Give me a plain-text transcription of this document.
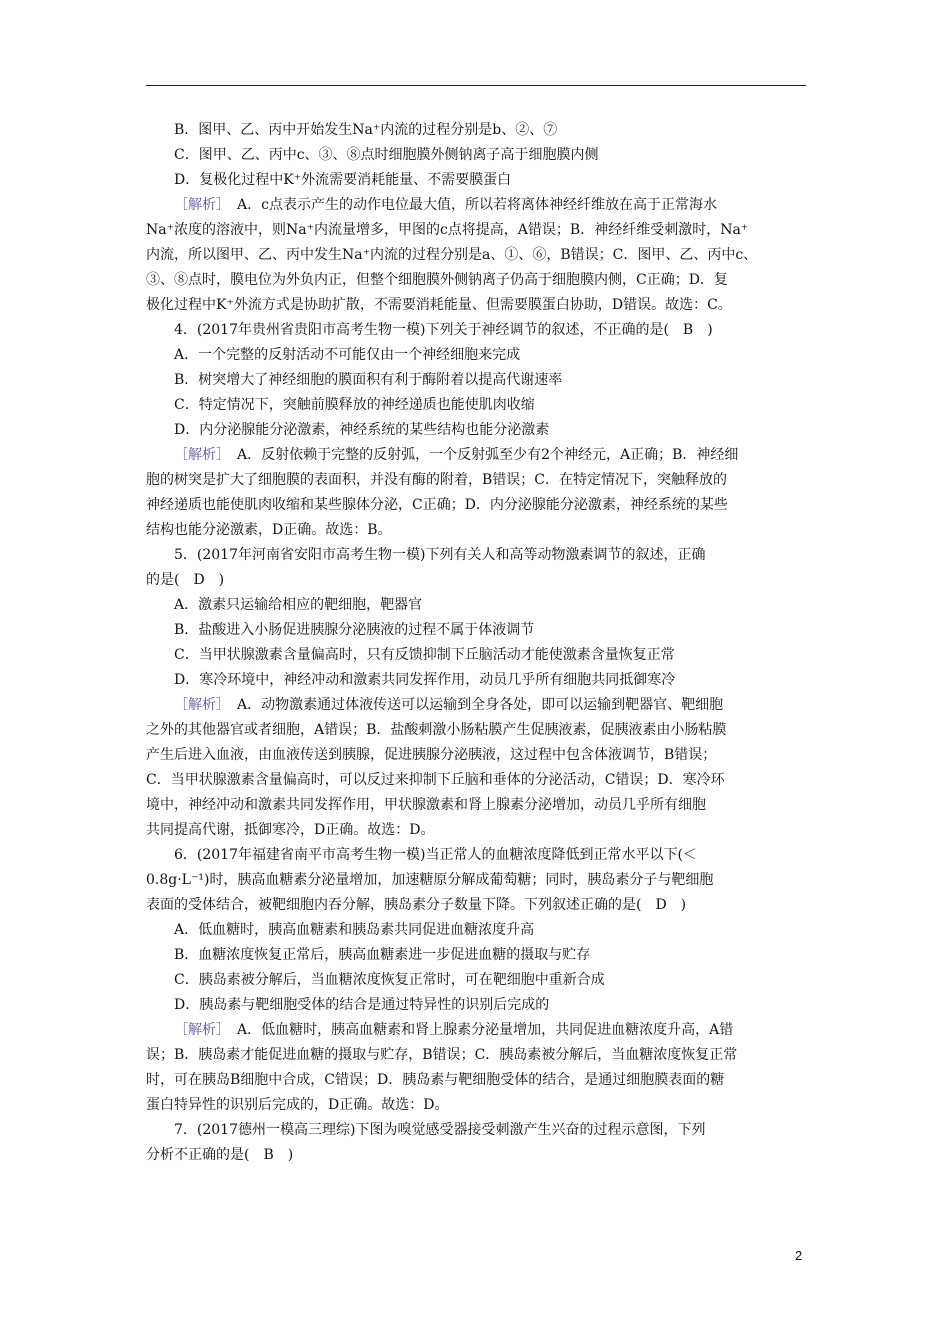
B．图甲、乙、丙中开始发生Na⁺内流的过程分别是b、②、⑦
C．图甲、乙、丙中c、③、⑧点时细胞膜外侧钠离子高于细胞膜内侧
D．复极化过程中K⁺外流需要消耗能量、不需要膜蛋白
［解析］　A．c点表示产生的动作电位最大值，所以若将离体神经纤维放在高于正常海水
Na⁺浓度的溶液中，则Na⁺内流量增多，甲图的c点将提高，A错误；B．神经纤维受刺激时，Na⁺
内流，所以图甲、乙、丙中发生Na⁺内流的过程分别是a、①、⑥，B错误；C．图甲、乙、丙中c、
③、⑧点时，膜电位为外负内正，但整个细胞膜外侧钠离子仍高于细胞膜内侧，C正确；D．复
极化过程中K⁺外流方式是协助扩散，不需要消耗能量、但需要膜蛋白协助，D错误。故选：C。
4．(2017年贵州省贵阳市高考生物一模)下列关于神经调节的叙述，不正确的是(　B　)
A．一个完整的反射活动不可能仅由一个神经细胞来完成
B．树突增大了神经细胞的膜面积有利于酶附着以提高代谢速率
C．特定情况下，突触前膜释放的神经递质也能使肌肉收缩
D．内分泌腺能分泌激素，神经系统的某些结构也能分泌激素
［解析］　A．反射依赖于完整的反射弧，一个反射弧至少有2个神经元，A正确；B．神经细
胞的树突是扩大了细胞膜的表面积，并没有酶的附着，B错误；C．在特定情况下，突触释放的
神经递质也能使肌肉收缩和某些腺体分泌，C正确；D．内分泌腺能分泌激素，神经系统的某些
结构也能分泌激素，D正确。故选：B。
5．(2017年河南省安阳市高考生物一模)下列有关人和高等动物激素调节的叙述，正确
的是(　D　)
A．激素只运输给相应的靶细胞，靶器官
B．盐酸进入小肠促进胰腺分泌胰液的过程不属于体液调节
C．当甲状腺激素含量偏高时，只有反馈抑制下丘脑活动才能使激素含量恢复正常
D．寒冷环境中，神经冲动和激素共同发挥作用，动员几乎所有细胞共同抵御寒冷
［解析］　A．动物激素通过体液传送可以运输到全身各处，即可以运输到靶器官、靶细胞
之外的其他器官或者细胞，A错误；B．盐酸刺激小肠粘膜产生促胰液素，促胰液素由小肠粘膜
产生后进入血液，由血液传送到胰腺，促进胰腺分泌胰液，这过程中包含体液调节，B错误；
C．当甲状腺激素含量偏高时，可以反过来抑制下丘脑和垂体的分泌活动，C错误；D．寒冷环
境中，神经冲动和激素共同发挥作用，甲状腺激素和肾上腺素分泌增加，动员几乎所有细胞
共同提高代谢，抵御寒冷，D正确。故选：D。
6．(2017年福建省南平市高考生物一模)当正常人的血糖浓度降低到正常水平以下(＜
0.8g·L⁻¹)时，胰高血糖素分泌量增加，加速糖原分解成葡萄糖；同时，胰岛素分子与靶细胞
表面的受体结合，被靶细胞内吞分解，胰岛素分子数量下降。下列叙述正确的是(　D　)
A．低血糖时，胰高血糖素和胰岛素共同促进血糖浓度升高
B．血糖浓度恢复正常后，胰高血糖素进一步促进血糖的摄取与贮存
C．胰岛素被分解后，当血糖浓度恢复正常时，可在靶细胞中重新合成
D．胰岛素与靶细胞受体的结合是通过特异性的识别后完成的
［解析］　A．低血糖时，胰高血糖素和肾上腺素分泌量增加，共同促进血糖浓度升高，A错
误；B．胰岛素才能促进血糖的摄取与贮存，B错误；C．胰岛素被分解后，当血糖浓度恢复正常
时，可在胰岛B细胞中合成，C错误；D．胰岛素与靶细胞受体的结合，是通过细胞膜表面的糖
蛋白特异性的识别后完成的，D正确。故选：D。
7．(2017德州一模高三理综)下图为嗅觉感受器接受刺激产生兴奋的过程示意图，下列
分析不正确的是(　B　)
2
